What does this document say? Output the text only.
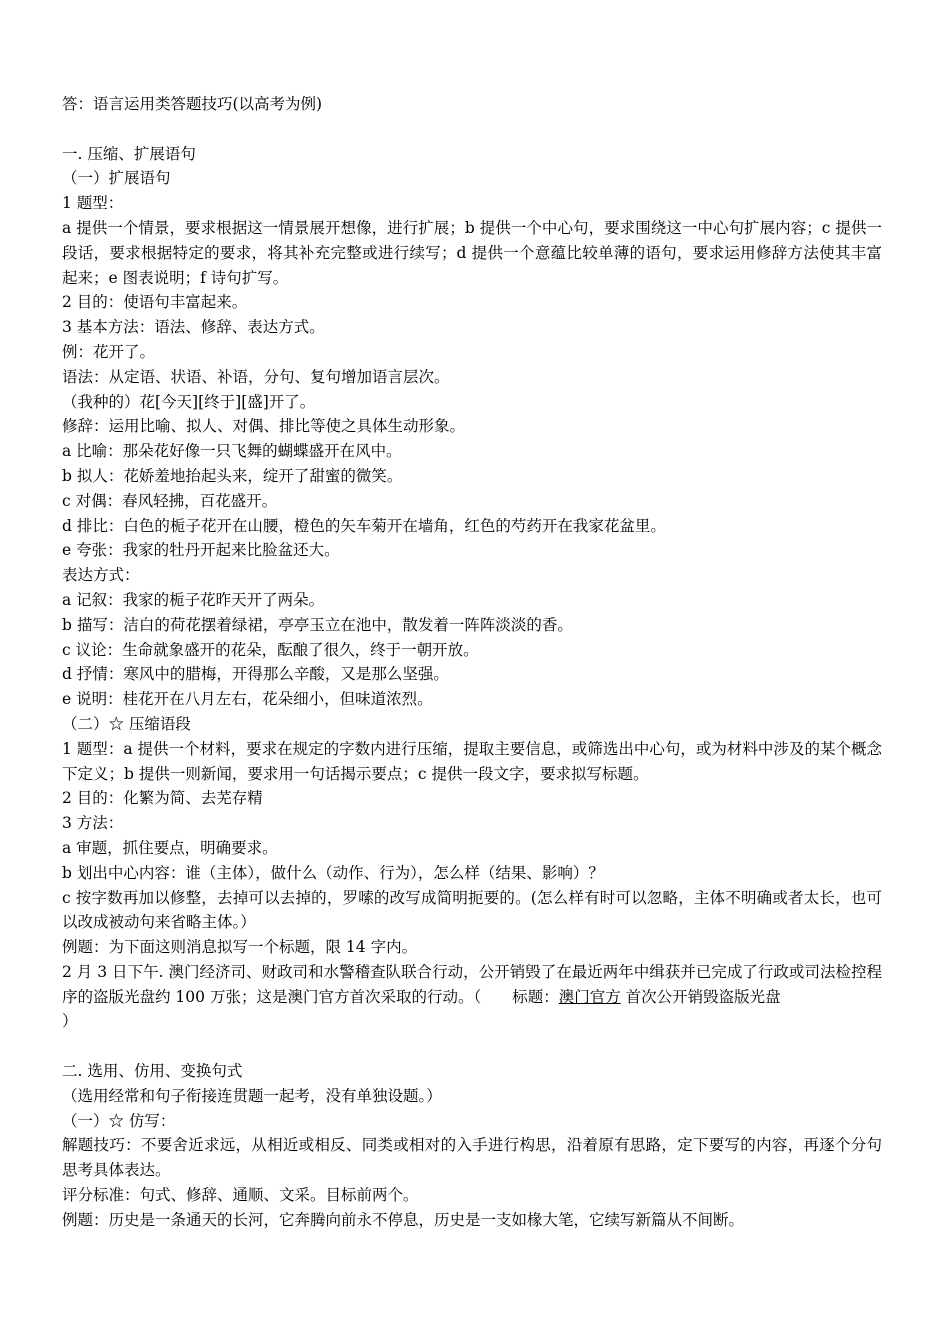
答：语言运用类答题技巧(以高考为例)
一. 压缩、扩展语句
（一）扩展语句
1 题型：
a 提供一个情景，要求根据这一情景展开想像，进行扩展；b 提供一个中心句，要求围绕这一中心句扩展内容；c 提供一段话，要求根据特定的要求，将其补充完整或进行续写；d 提供一个意蕴比较单薄的语句，要求运用修辞方法使其丰富起来；e 图表说明；f 诗句扩写。
2 目的：使语句丰富起来。
3 基本方法：语法、修辞、表达方式。
例：花开了。
语法：从定语、状语、补语，分句、复句增加语言层次。
（我种的）花[今天][终于][盛]开了。
修辞：运用比喻、拟人、对偶、排比等使之具体生动形象。
a 比喻：那朵花好像一只飞舞的蝴蝶盛开在风中。
b 拟人：花娇羞地抬起头来，绽开了甜蜜的微笑。
c 对偶：春风轻拂，百花盛开。
d 排比：白色的栀子花开在山腰，橙色的矢车菊开在墙角，红色的芍药开在我家花盆里。
e 夸张：我家的牡丹开起来比脸盆还大。
表达方式：
a 记叙：我家的栀子花昨天开了两朵。
b 描写：洁白的荷花摆着绿裙，亭亭玉立在池中，散发着一阵阵淡淡的香。
c 议论：生命就象盛开的花朵，酝酿了很久，终于一朝开放。
d 抒情：寒风中的腊梅，开得那么辛酸，又是那么坚强。
e 说明：桂花开在八月左右，花朵细小，但味道浓烈。
（二）☆ 压缩语段
1 题型：a 提供一个材料，要求在规定的字数内进行压缩，提取主要信息，或筛选出中心句，或为材料中涉及的某个概念下定义；b 提供一则新闻，要求用一句话揭示要点；c 提供一段文字，要求拟写标题。
2 目的：化繁为简、去芜存精
3 方法：
a 审题，抓住要点，明确要求。
b 划出中心内容：谁（主体），做什么（动作、行为），怎么样（结果、影响）？
c 按字数再加以修整，去掉可以去掉的，罗嗦的改写成简明扼要的。(怎么样有时可以忽略，主体不明确或者太长，也可以改成被动句来省略主体。）
例题：为下面这则消息拟写一个标题，限 14 字内。
2 月 3 日下午. 澳门经济司、财政司和水警稽查队联合行动，公开销毁了在最近两年中缉获并已完成了行政或司法检控程序的盗版光盘约 100 万张；这是澳门官方首次采取的行动。（　　标题：澳门官方 首次公开销毁盗版光盘
）
二. 选用、仿用、变换句式
（选用经常和句子衔接连贯题一起考，没有单独设题。）
（一）☆ 仿写：
解题技巧：不要舍近求远，从相近或相反、同类或相对的入手进行构思，沿着原有思路，定下要写的内容，再逐个分句思考具体表达。
评分标准：句式、修辞、通顺、文采。目标前两个。
例题：历史是一条通天的长河，它奔腾向前永不停息，历史是一支如椽大笔，它续写新篇从不间断。
